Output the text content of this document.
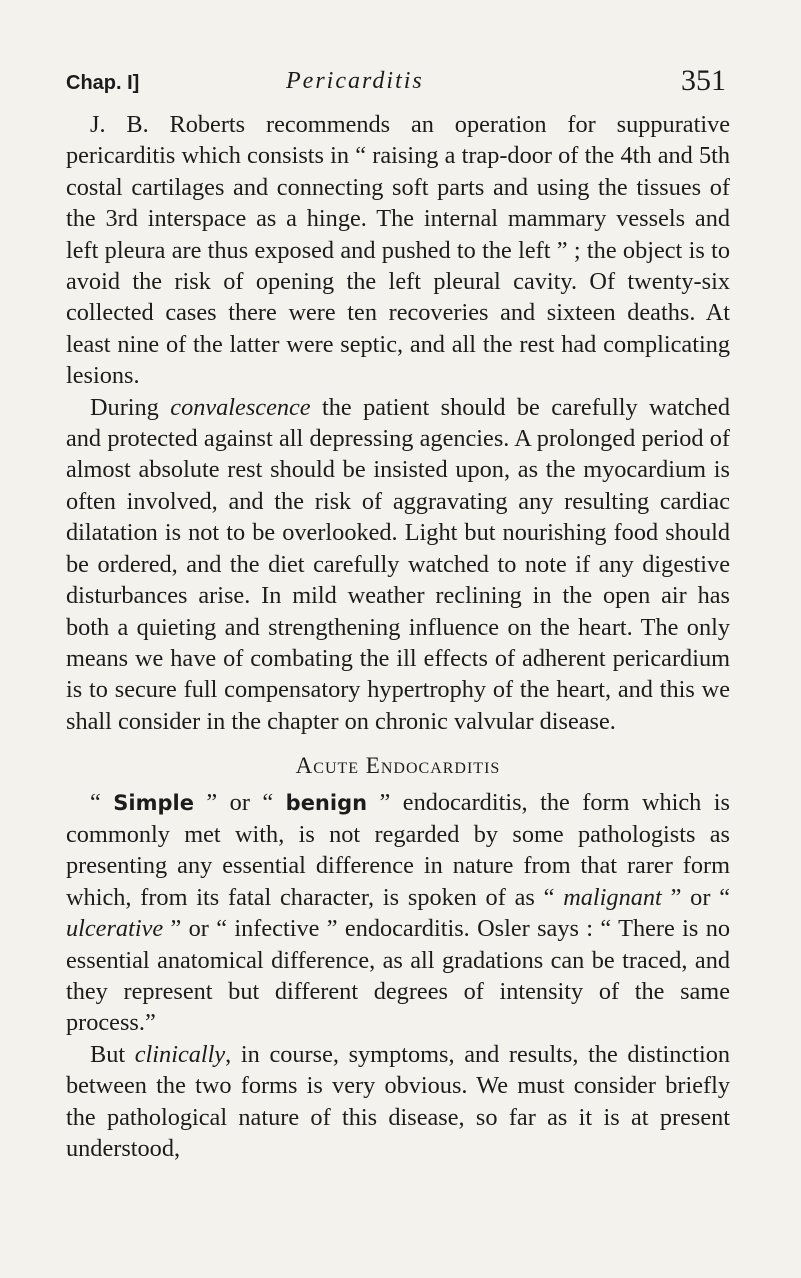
Chap. I]	Pericarditis	351

J. B. Roberts recommends an operation for suppurative pericarditis which consists in “ raising a trap-door of the 4th and 5th costal cartilages and connecting soft parts and using the tissues of the 3rd interspace as a hinge. The internal mammary vessels and left pleura are thus exposed and pushed to the left ” ; the object is to avoid the risk of opening the left pleural cavity. Of twenty-six collected cases there were ten recoveries and sixteen deaths. At least nine of the latter were septic, and all the rest had complicating lesions.

During convalescence the patient should be carefully watched and protected against all depressing agencies. A prolonged period of almost absolute rest should be insisted upon, as the myocardium is often involved, and the risk of aggravating any resulting cardiac dilatation is not to be overlooked. Light but nourishing food should be ordered, and the diet carefully watched to note if any digestive disturbances arise. In mild weather reclining in the open air has both a quieting and strengthening influence on the heart. The only means we have of combating the ill effects of adherent pericardium is to secure full compensatory hypertrophy of the heart, and this we shall consider in the chapter on chronic valvular disease.

Acute Endocarditis

“ Simple ” or “ benign ” endocarditis, the form which is commonly met with, is not regarded by some pathologists as presenting any essential difference in nature from that rarer form which, from its fatal character, is spoken of as “ malignant ” or “ ulcerative ” or “ infective ” endocarditis. Osler says : “ There is no essential anatomical difference, as all gradations can be traced, and they represent but different degrees of intensity of the same process.”

But clinically, in course, symptoms, and results, the distinction between the two forms is very obvious. We must consider briefly the pathological nature of this disease, so far as it is at present understood,
